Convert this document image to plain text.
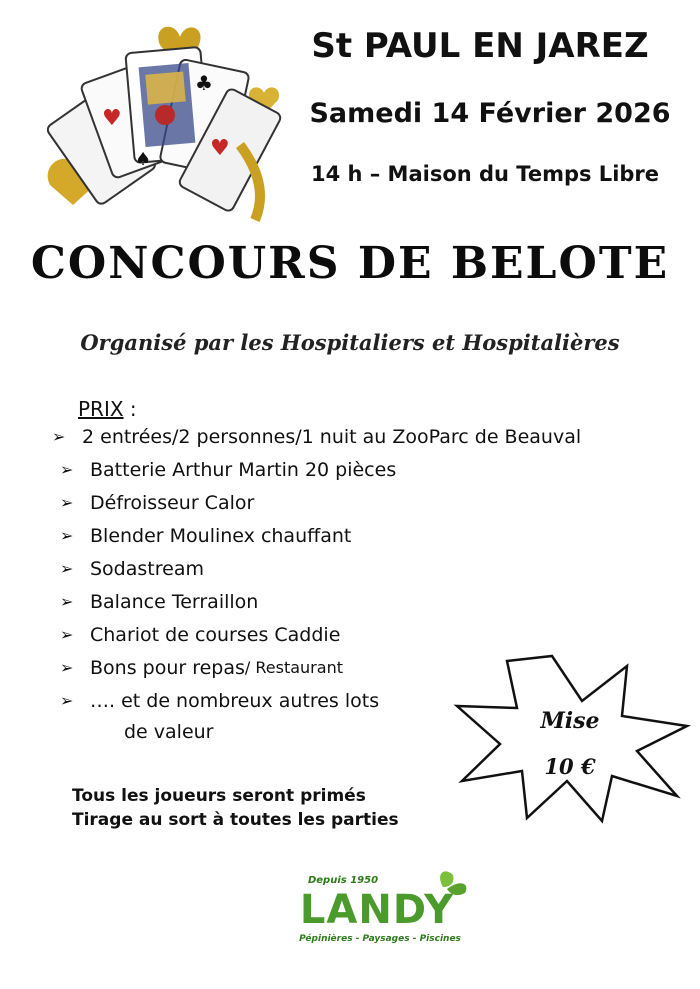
♥
♣
♥
♠
St PAUL EN JAREZ
Samedi 14 Février 2026
14 h – Maison du Temps Libre
CONCOURS DE BELOTE
Organisé par les Hospitaliers et Hospitalières
PRIX :
➢ 2 entrées/2 personnes/1 nuit au ZooParc de Beauval
➢ Batterie Arthur Martin 20 pièces
➢ Défroisseur Calor
➢ Blender Moulinex chauffant
➢ Sodastream
➢ Balance Terraillon
➢ Chariot de courses Caddie
➢ Bons pour repas / Restaurant
➢ …. et de nombreux autres lots
de valeur
Tous les joueurs seront primés
Tirage au sort à toutes les parties
Mise
10 €
Depuis 1950
LANDY
Pépinières - Paysages - Piscines
